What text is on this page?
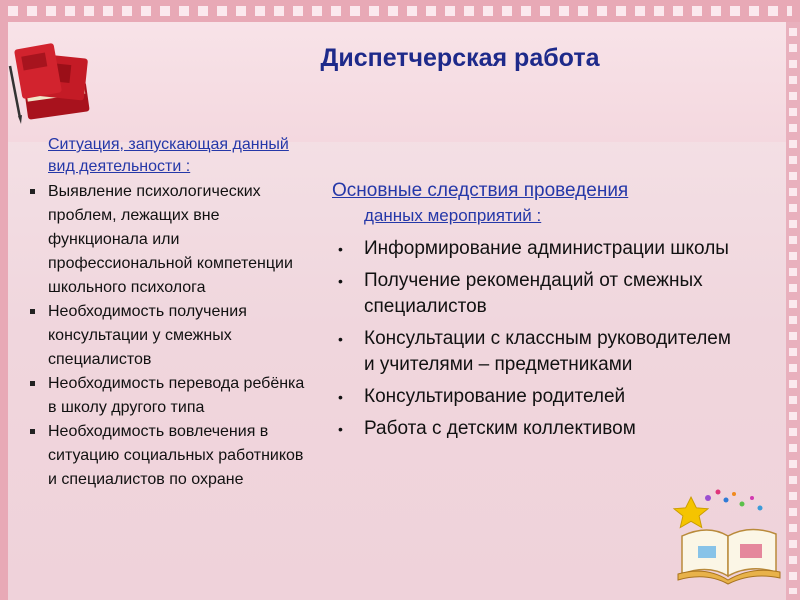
Диспетчерская работа
Ситуация, запускающая данный вид деятельности :
Выявление психологических проблем, лежащих вне функционала или профессиональной компетенции школьного психолога
Необходимость получения консультации у смежных специалистов
Необходимость перевода ребёнка в школу другого типа
Необходимость вовлечения в ситуацию социальных работников и специалистов по охране
Основные следствия проведения
данных мероприятий :
• Информирование администрации школы
• Получение рекомендаций от смежных специалистов
• Консультации с классным руководителем и учителями – предметниками
• Консультирование родителей
• Работа с детским коллективом
